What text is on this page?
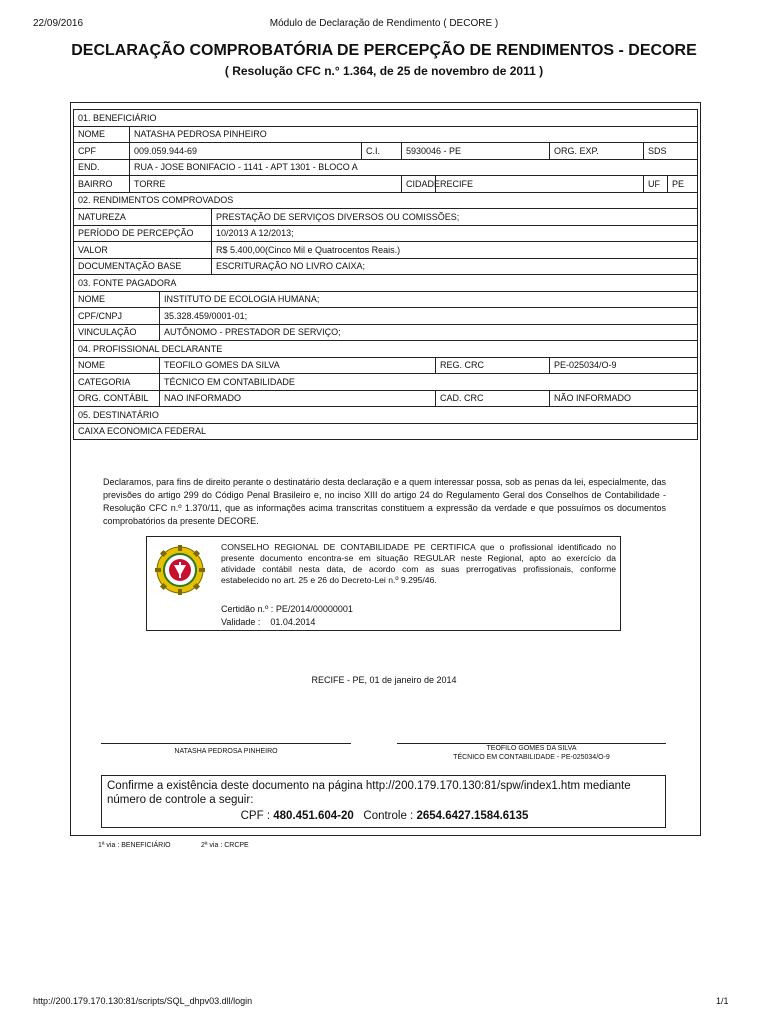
22/09/2016	Módulo de Declaração de Rendimento ( DECORE )
DECLARAÇÃO COMPROBATÓRIA DE PERCEPÇÃO DE RENDIMENTOS - DECORE
( Resolução CFC n.° 1.364, de 25 de novembro de 2011 )
01. BENEFICIÁRIO									
NOME	NATASHA PEDROSA PINHEIRO								
CPF	009.059.944-69			C.I.	5930046 - PE		ORG. EXP.	SDS	
END.	RUA - JOSE BONIFACIO - 1141 - APT 1301 - BLOCO A								
BAIRRO	TORRE				CIDADE	RECIFE		UF	PE
02. RENDIMENTOS COMPROVADOS									
NATUREZA			PRESTAÇÃO DE SERVIÇOS DIVERSOS OU COMISSÕES;						
PERÍODO DE PERCEPÇÃO			10/2013 A 12/2013;						
VALOR			R$ 5.400,00(Cinco Mil e Quatrocentos Reais.)						
DOCUMENTAÇÃO BASE			ESCRITURAÇÃO NO LIVRO CAIXA;						
03. FONTE PAGADORA									
NOME		INSTITUTO DE ECOLOGIA HUMANA;							
CPF/CNPJ		35.328.459/0001-01;							
VINCULAÇÃO		AUTÔNOMO - PRESTADOR DE SERVIÇO;							
04. PROFISSIONAL DECLARANTE									
NOME		TEOFILO GOMES DA SILVA				REG. CRC	PE-025034/O-9		
CATEGORIA		TÉCNICO EM CONTABILIDADE							
ORG. CONTÁBIL		NAO INFORMADO				CAD. CRC	NÃO INFORMADO		
05. DESTINATÁRIO									
CAIXA ECONOMICA FEDERAL									
Declaramos, para fins de direito perante o destinatário desta declaração e a quem interessar possa, sob as penas da lei, especialmente, das previsões do artigo 299 do Código Penal Brasileiro e, no inciso XIII do artigo 24 do Regulamento Geral dos Conselhos de Contabilidade - Resolução CFC n.º 1.370/11, que as informações acima transcritas constituem a expressão da verdade e que possuímos os documentos comprobatórios da presente DECORE.
CONSELHO REGIONAL DE CONTABILIDADE PE CERTIFICA que o profissional identificado no presente documento encontra-se em situação REGULAR neste Regional, apto ao exercício da atividade contábil nesta data, de acordo com as suas prerrogativas profissionais, conforme estabelecido no art. 25 e 26 do Decreto-Lei n.º 9.295/46.
Certidão n.º : PE/2014/00000001
Validade :    01.04.2014
RECIFE - PE, 01 de janeiro de 2014
NATASHA PEDROSA PINHEIRO	TEOFILO GOMES DA SILVA
TÉCNICO EM CONTABILIDADE - PE-025034/O-9
Confirme a existência deste documento na página http://200.179.170.130:81/spw/index1.htm mediante número de controle a seguir:
CPF : 480.451.604-20 Controle : 2654.6427.1584.6135
1ª via : BENEFICIÁRIO	2ª via : CRCPE
http://200.179.170.130:81/scripts/SQL_dhpv03.dll/login	1/1
